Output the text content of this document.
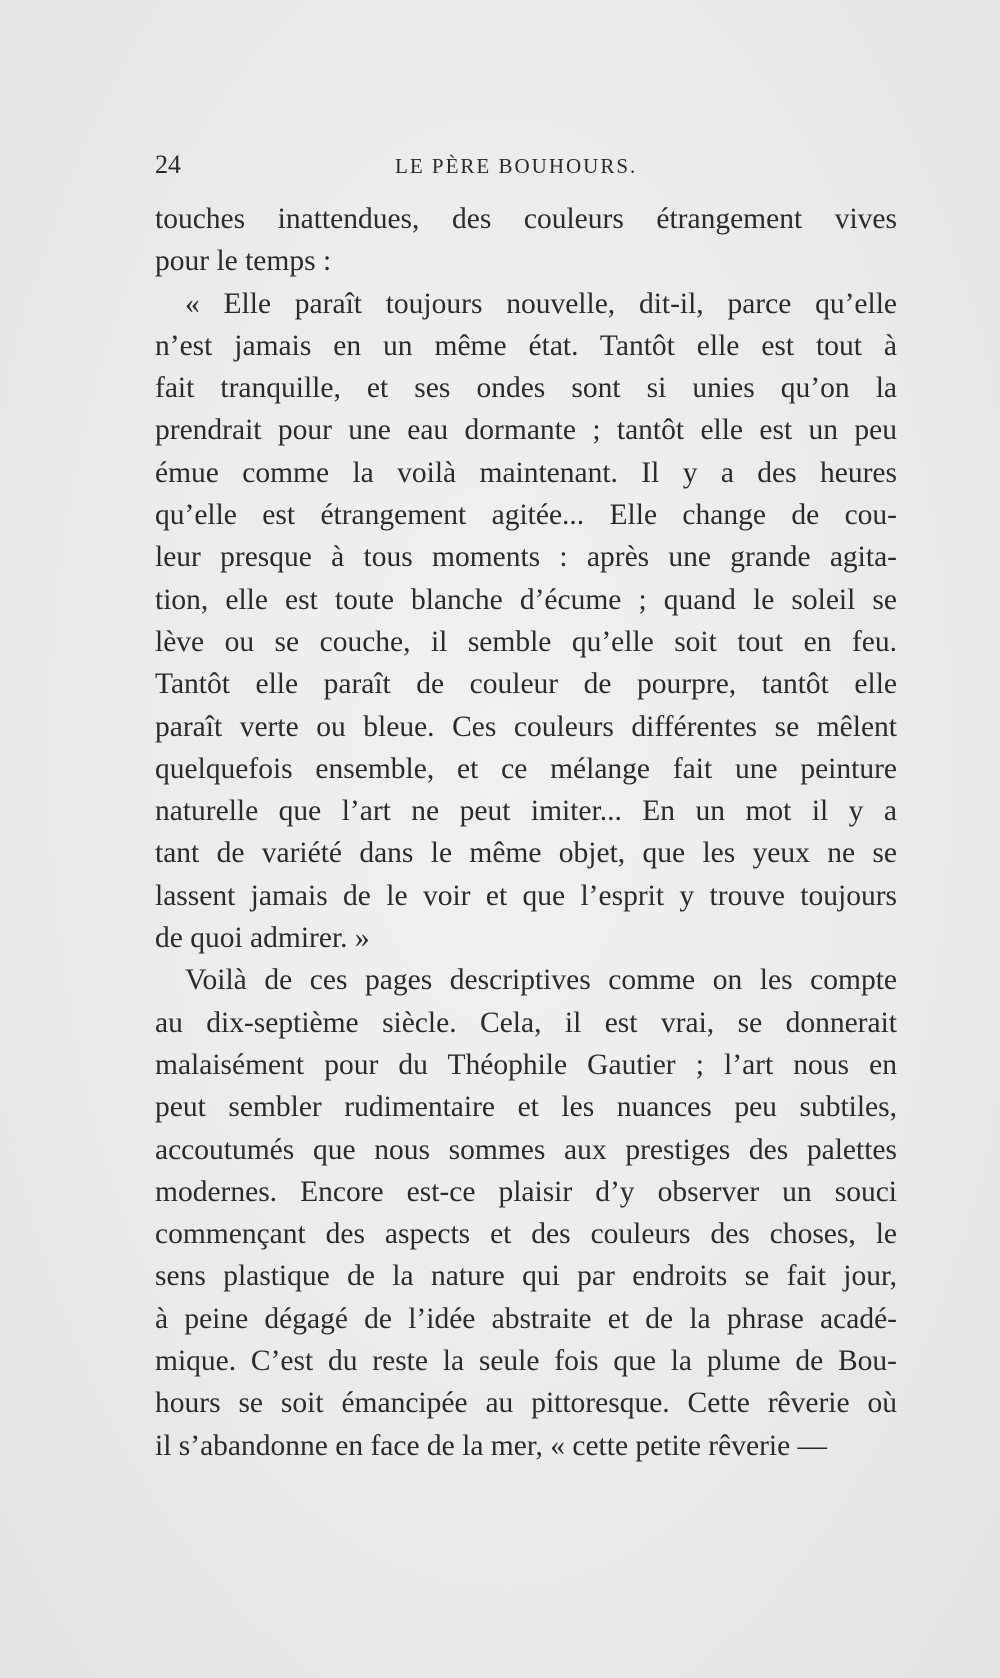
24	LE PÈRE BOUHOURS.
touches inattendues, des couleurs étrangement vives
pour le temps :
« Elle paraît toujours nouvelle, dit-il, parce qu’elle
n’est jamais en un même état. Tantôt elle est tout à
fait tranquille, et ses ondes sont si unies qu’on la
prendrait pour une eau dormante ; tantôt elle est un peu
émue comme la voilà maintenant. Il y a des heures
qu’elle est étrangement agitée... Elle change de cou-
leur presque à tous moments : après une grande agita-
tion, elle est toute blanche d’écume ; quand le soleil se
lève ou se couche, il semble qu’elle soit tout en feu.
Tantôt elle paraît de couleur de pourpre, tantôt elle
paraît verte ou bleue. Ces couleurs différentes se mêlent
quelquefois ensemble, et ce mélange fait une peinture
naturelle que l’art ne peut imiter... En un mot il y a
tant de variété dans le même objet, que les yeux ne se
lassent jamais de le voir et que l’esprit y trouve toujours
de quoi admirer. »
Voilà de ces pages descriptives comme on les compte
au dix-septième siècle. Cela, il est vrai, se donnerait
malaisément pour du Théophile Gautier ; l’art nous en
peut sembler rudimentaire et les nuances peu subtiles,
accoutumés que nous sommes aux prestiges des palettes
modernes. Encore est-ce plaisir d’y observer un souci
commençant des aspects et des couleurs des choses, le
sens plastique de la nature qui par endroits se fait jour,
à peine dégagé de l’idée abstraite et de la phrase acadé-
mique. C’est du reste la seule fois que la plume de Bou-
hours se soit émancipée au pittoresque. Cette rêverie où
il s’abandonne en face de la mer, « cette petite rêverie —
